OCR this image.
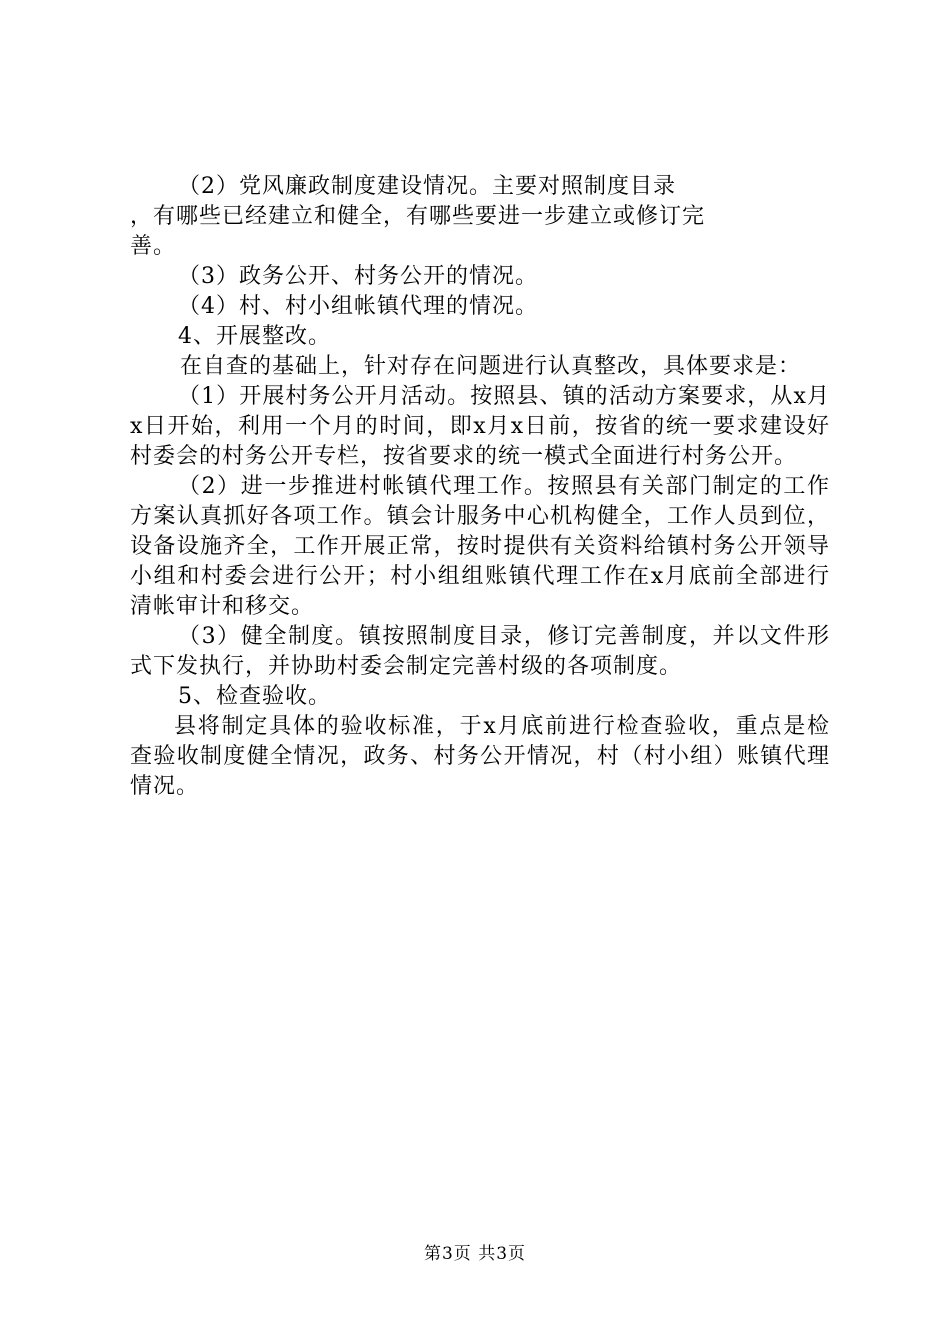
（2）党风廉政制度建设情况。主要对照制度目录
，有哪些已经建立和健全，有哪些要进一步建立或修订完
善。

（3）政务公开、村务公开的情况。

（4）村、村小组帐镇代理的情况。

4、开展整改。

在自查的基础上，针对存在问题进行认真整改，具体要求是：

（1）开展村务公开月活动。按照县、镇的活动方案要求，从x月x日开始，利用一个月的时间，即x月x日前，按省的统一要求建设好村委会的村务公开专栏，按省要求的统一模式全面进行村务公开。

（2）进一步推进村帐镇代理工作。按照县有关部门制定的工作方案认真抓好各项工作。镇会计服务中心机构健全，工作人员到位，设备设施齐全，工作开展正常，按时提供有关资料给镇村务公开领导小组和村委会进行公开；村小组组账镇代理工作在x月底前全部进行清帐审计和移交。

（3）健全制度。镇按照制度目录，修订完善制度，并以文件形式下发执行，并协助村委会制定完善村级的各项制度。

5、检查验收。

县将制定具体的验收标准，于x月底前进行检查验收，重点是检查验收制度健全情况，政务、村务公开情况，村（村小组）账镇代理情况。

第3页 共3页
